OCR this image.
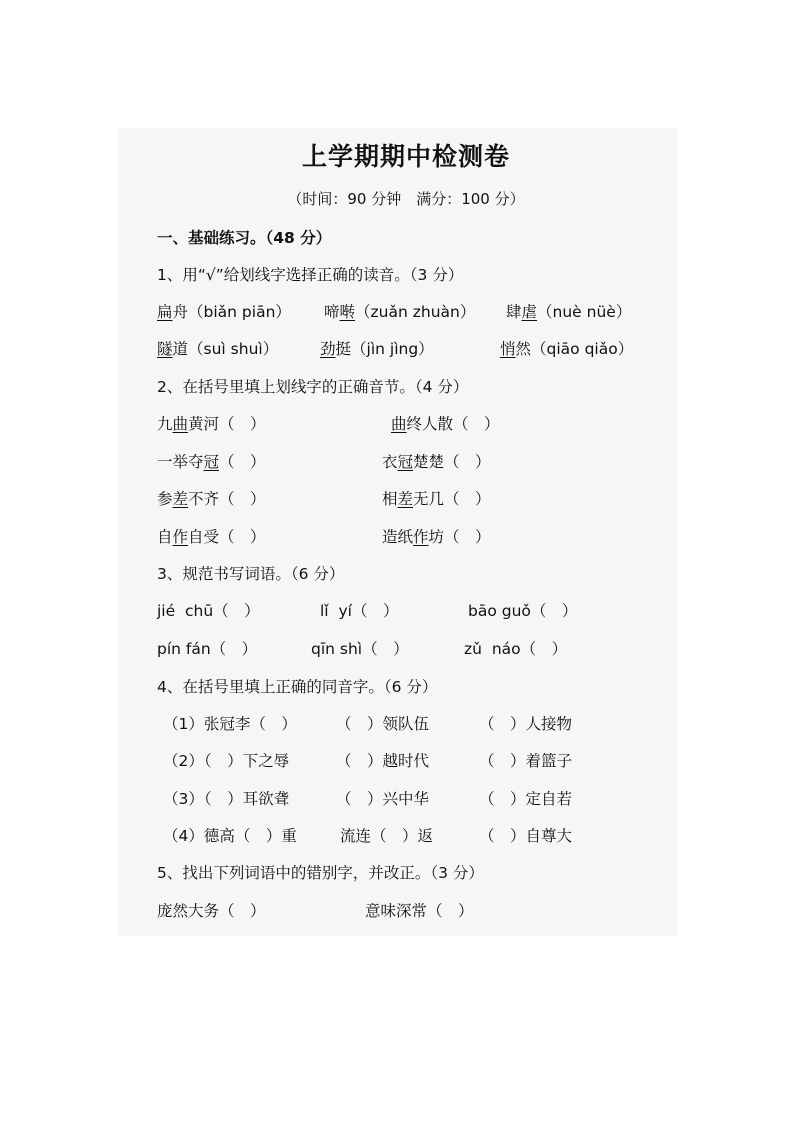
上学期期中检测卷
（时间：90 分钟　满分：100 分）
一、基础练习。（48 分）
1、用“√”给划线字选择正确的读音。（3 分）
扁舟（biǎn piān） 啼啭（zuǎn zhuàn） 肆虐（nuè nüè）
隧道（suì shuì）	劲挺（jìn jìng）	悄然（qiāo qiǎo）
2、在括号里填上划线字的正确音节。（4 分）
九曲黄河（　）	曲终人散（　）
一举夺冠（　）	衣冠楚楚（　）
参差不齐（　）	相差无几（　）
自作自受（　）	造纸作坊（　）
3、规范书写词语。（6 分）
jié  chū（　）	lǐ  yí（　）	bāo guǒ（　）
pín fán（　）	qīn shì（　）	zǔ  náo（　）
4、在括号里填上正确的同音字。（6 分）
（1）张冠李（　）	（　）领队伍	（　）人接物
（2）（　）下之辱	（　）越时代	（　）着篮子
（3）（　）耳欲聋	（　）兴中华	（　）定自若
（4）德高（　）重	流连（　）返	（　）自尊大
5、找出下列词语中的错别字，并改正。（3 分）
庞然大务（　）	意味深常（　）
